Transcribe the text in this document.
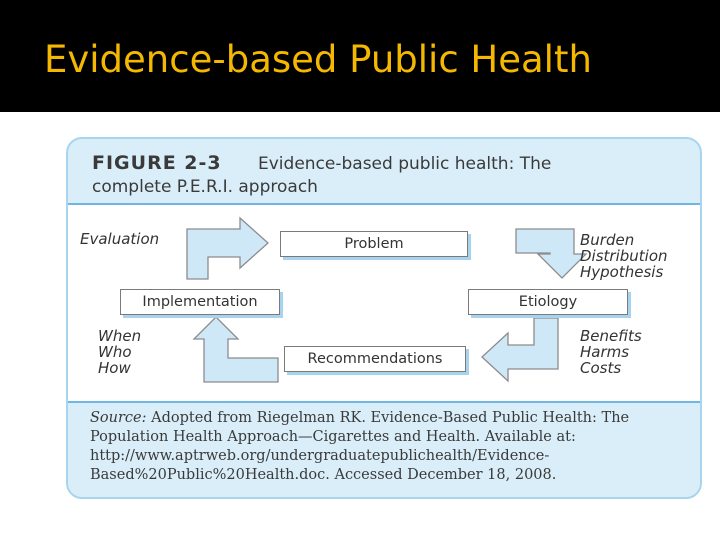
Evidence-based Public Health
FIGURE 2-3 Evidence-based public health: The
complete P.E.R.I. approach
Problem
Etiology
Recommendations
Implementation
Evaluation	Burden
Distribution
Hypothesis
Benefits
Harms
Costs
When
Who
How
Source: Adopted from Riegelman RK. Evidence-Based Public Health: The Population Health Approach—Cigarettes and Health. Available at: http://www.aptrweb.org/undergraduatepublichealth/Evidence-Based%20Public%20Health.doc. Accessed December 18, 2008.
